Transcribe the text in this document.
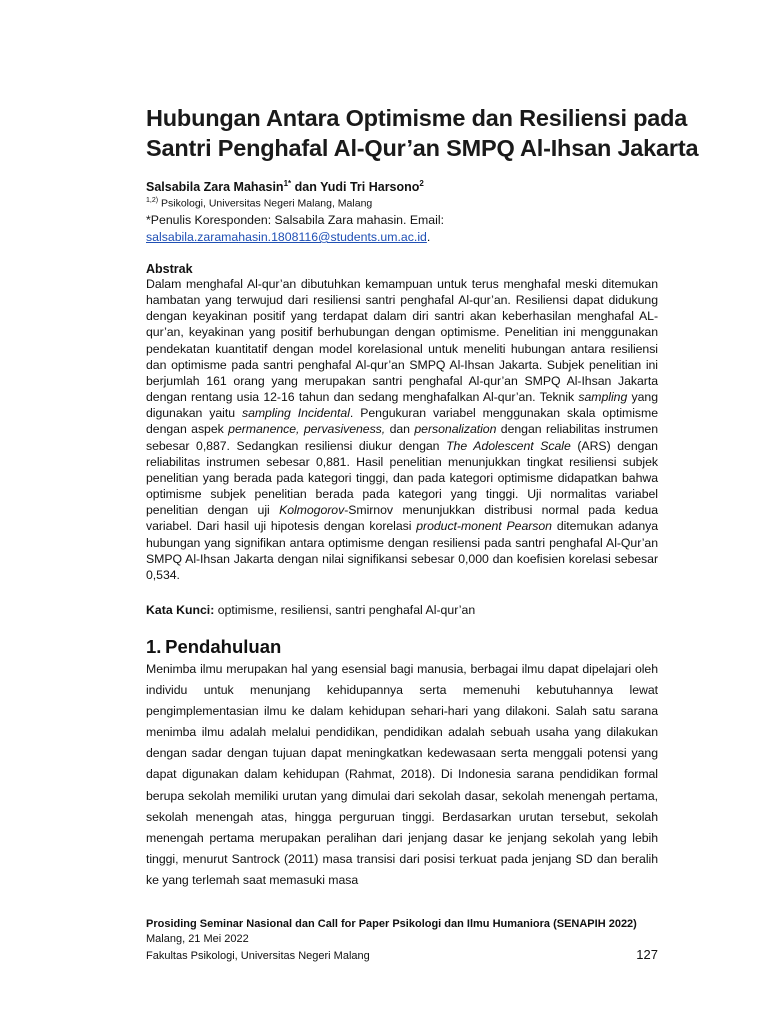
Hubungan Antara Optimisme dan Resiliensi pada Santri Penghafal Al-Qur’an SMPQ Al-Ihsan Jakarta
Salsabila Zara Mahasin$^{1*}$ dan Yudi Tri Harsono$^2$
$^{1,2)}$ Psikologi, Universitas Negeri Malang, Malang
*Penulis Koresponden: Salsabila Zara mahasin. Email:
salsabila.zaramahasin.1808116@students.um.ac.id.
Abstrak

Dalam menghafal Al-qur’an dibutuhkan kemampuan untuk terus menghafal meski ditemukan hambatan yang terwujud dari resiliensi santri penghafal Al-qur’an. Resiliensi dapat didukung dengan keyakinan positif yang terdapat dalam diri santri akan keberhasilan menghafal AL-qur’an, keyakinan yang positif berhubungan dengan optimisme. Penelitian ini menggunakan pendekatan kuantitatif dengan model korelasional untuk meneliti hubungan antara resiliensi dan optimisme pada santri penghafal Al-qur’an SMPQ Al-Ihsan Jakarta. Subjek penelitian ini berjumlah 161 orang yang merupakan santri penghafal Al-qur’an SMPQ Al-Ihsan Jakarta dengan rentang usia 12-16 tahun dan sedang menghafalkan Al-qur’an. Teknik sampling yang digunakan yaitu sampling Incidental. Pengukuran variabel menggunakan skala optimisme dengan aspek permanence, pervasiveness, dan personalization dengan reliabilitas instrumen sebesar 0,887. Sedangkan resiliensi diukur dengan The Adolescent Scale (ARS) dengan reliabilitas instrumen sebesar 0,881. Hasil penelitian menunjukkan tingkat resiliensi subjek penelitian yang berada pada kategori tinggi, dan pada kategori optimisme didapatkan bahwa optimisme subjek penelitian berada pada kategori yang tinggi. Uji normalitas variabel penelitian dengan uji Kolmogorov-Smirnov menunjukkan distribusi normal pada kedua variabel. Dari hasil uji hipotesis dengan korelasi product-monent Pearson ditemukan adanya hubungan yang signifikan antara optimisme dengan resiliensi pada santri penghafal Al-Qur’an SMPQ Al-Ihsan Jakarta dengan nilai signifikansi sebesar 0,000 dan koefisien korelasi sebesar 0,534.

Kata Kunci: optimisme, resiliensi, santri penghafal Al-qur’an
1. Pendahuluan

Menimba ilmu merupakan hal yang esensial bagi manusia, berbagai ilmu dapat dipelajari oleh individu untuk menunjang kehidupannya serta memenuhi kebutuhannya lewat pengimplementasian ilmu ke dalam kehidupan sehari-hari yang dilakoni. Salah satu sarana menimba ilmu adalah melalui pendidikan, pendidikan adalah sebuah usaha yang dilakukan dengan sadar dengan tujuan dapat meningkatkan kedewasaan serta menggali potensi yang dapat digunakan dalam kehidupan (Rahmat, 2018). Di Indonesia sarana pendidikan formal berupa sekolah memiliki urutan yang dimulai dari sekolah dasar, sekolah menengah pertama, sekolah menengah atas, hingga perguruan tinggi. Berdasarkan urutan tersebut, sekolah menengah pertama merupakan peralihan dari jenjang dasar ke jenjang sekolah yang lebih tinggi, menurut Santrock (2011) masa transisi dari posisi terkuat pada jenjang SD dan beralih ke yang terlemah saat memasuki masa

Prosiding Seminar Nasional dan Call for Paper Psikologi dan Ilmu Humaniora (SENAPIH 2022)
Malang, 21 Mei 2022
Fakultas Psikologi, Universitas Negeri Malang	127
